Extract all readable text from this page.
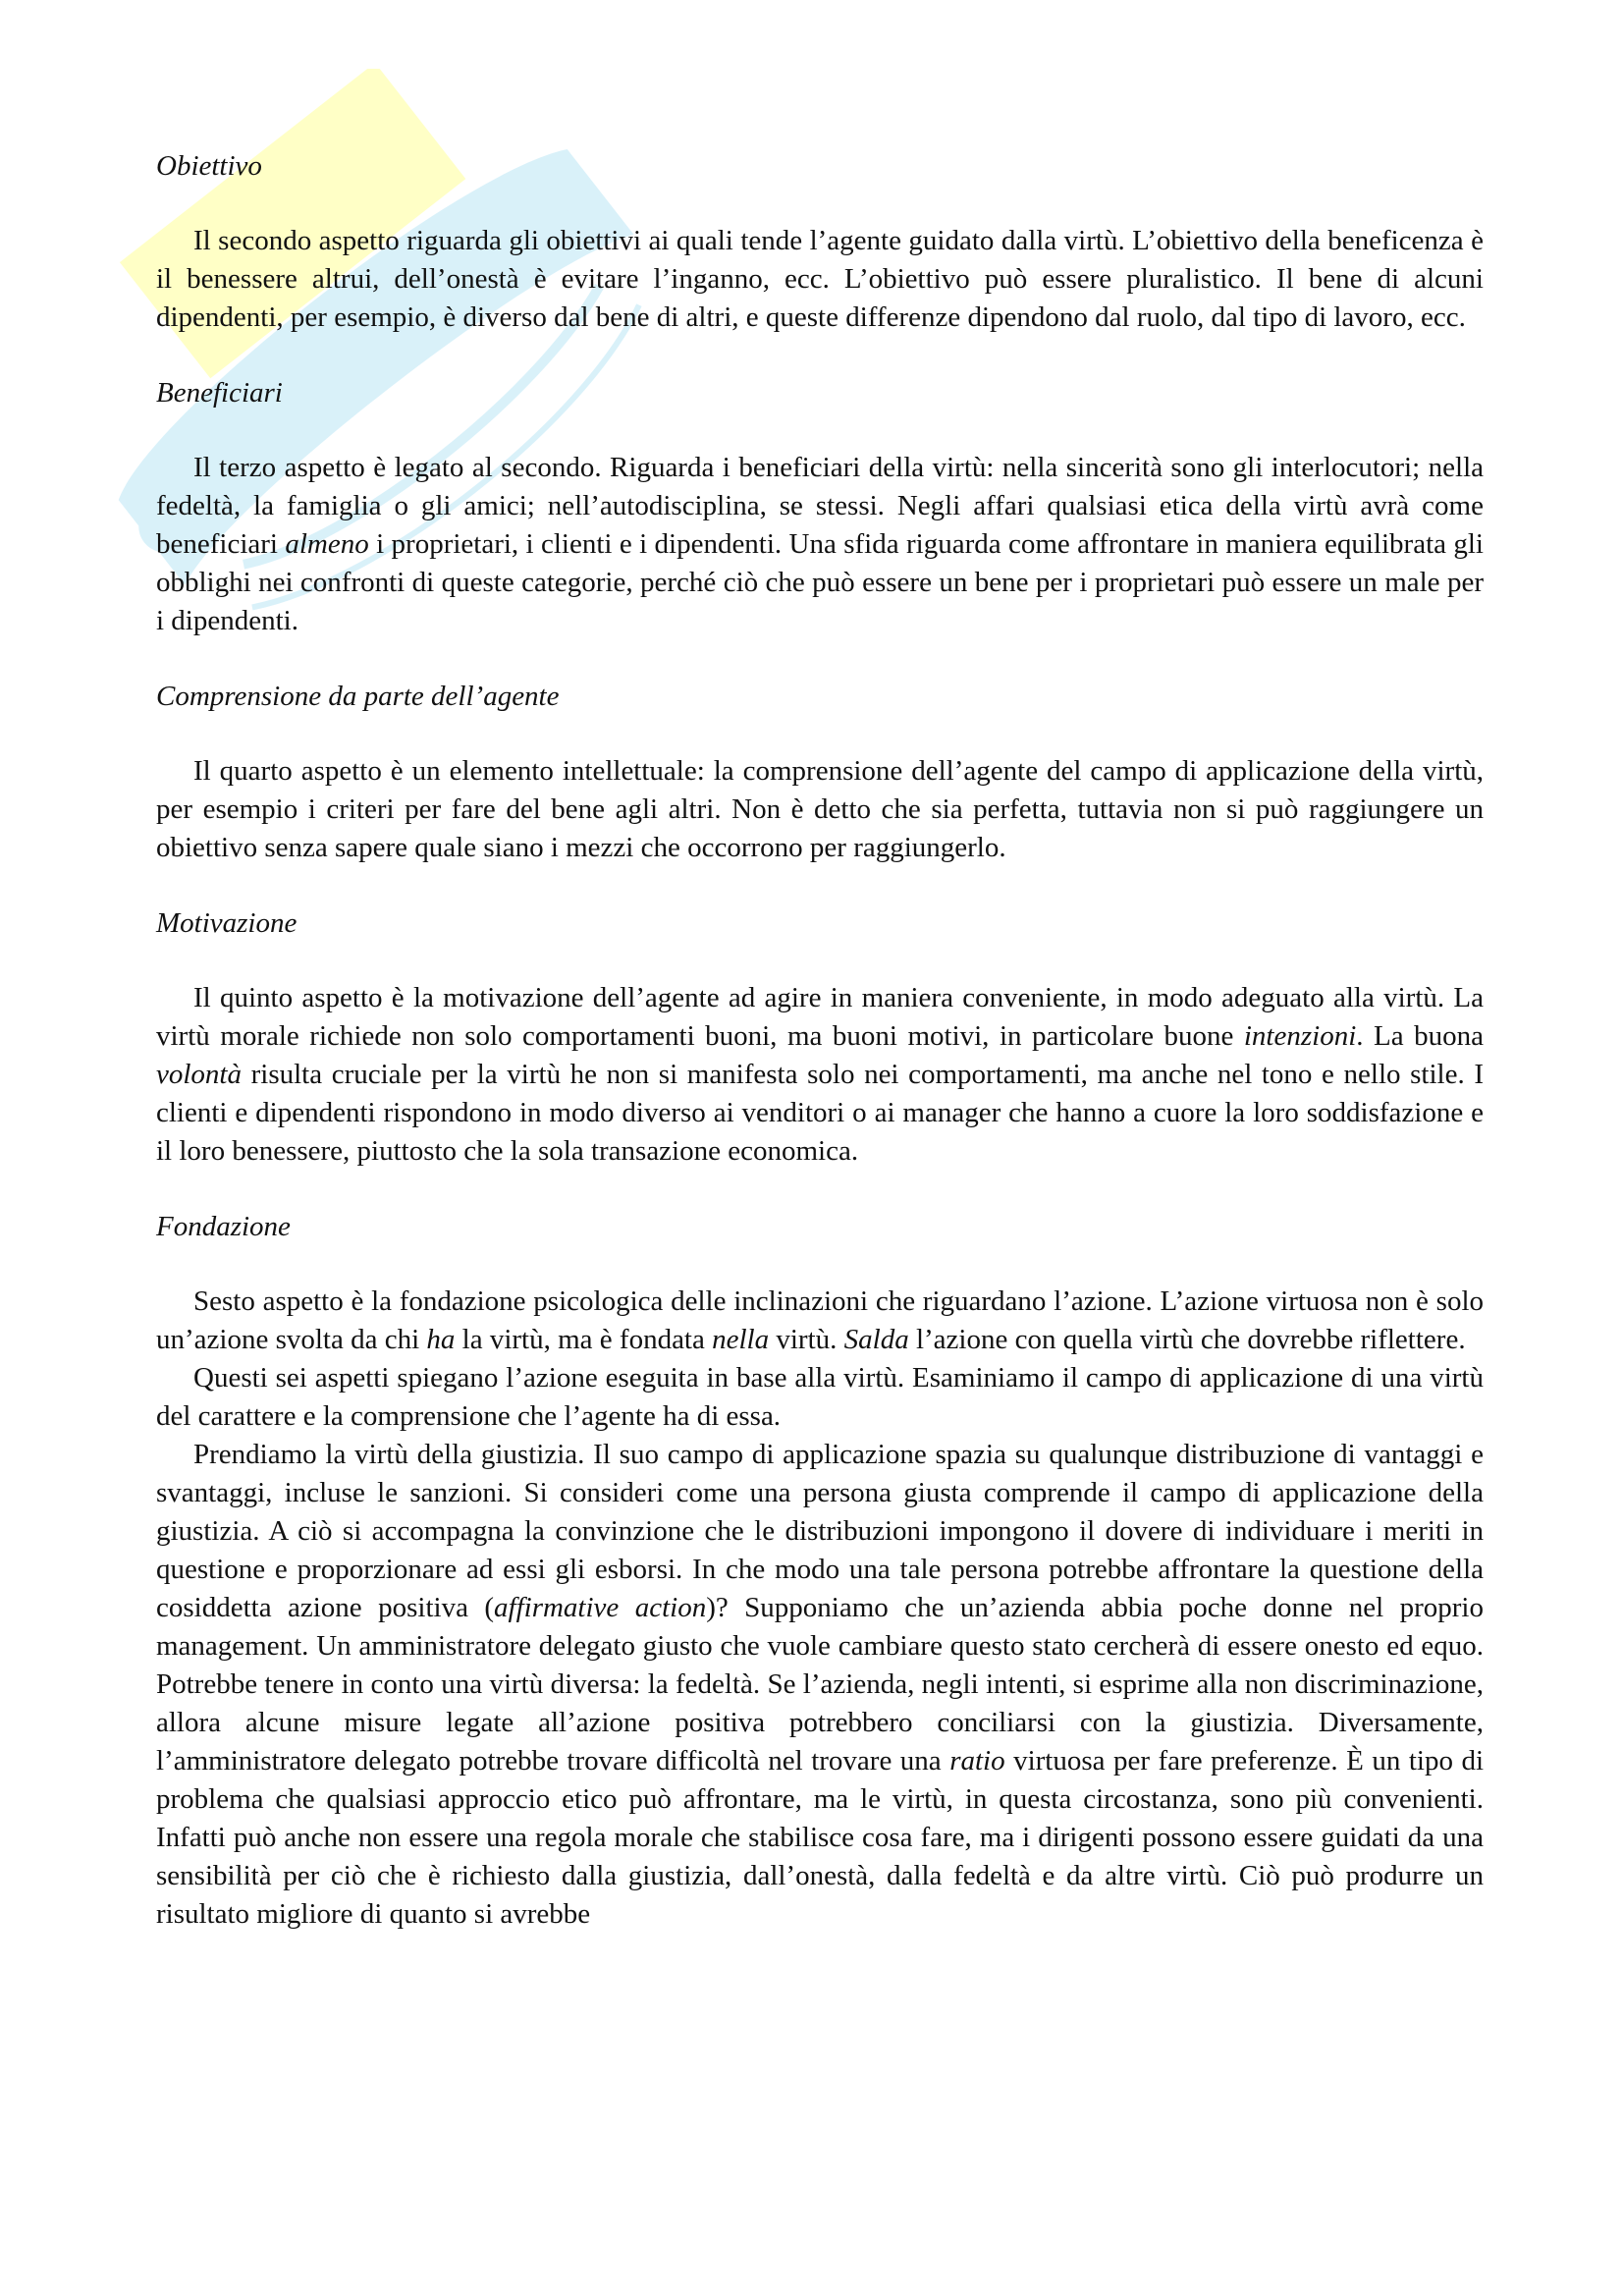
Obiettivo

Il secondo aspetto riguarda gli obiettivi ai quali tende l’agente guidato dalla virtù. L’obiettivo della beneficenza è il benessere altrui, dell’onestà è evitare l’inganno, ecc. L’obiettivo può essere pluralistico. Il bene di alcuni dipendenti, per esempio, è diverso dal bene di altri, e queste differenze dipendono dal ruolo, dal tipo di lavoro, ecc.

Beneficiari

Il terzo aspetto è legato al secondo. Riguarda i beneficiari della virtù: nella sincerità sono gli interlocutori; nella fedeltà, la famiglia o gli amici; nell’autodisciplina, se stessi. Negli affari qualsiasi etica della virtù avrà come beneficiari almeno i proprietari, i clienti e i dipendenti. Una sfida riguarda come affrontare in maniera equilibrata gli obblighi nei confronti di queste categorie, perché ciò che può essere un bene per i proprietari può essere un male per i dipendenti.

Comprensione da parte dell’agente

Il quarto aspetto è un elemento intellettuale: la comprensione dell’agente del campo di applicazione della virtù, per esempio i criteri per fare del bene agli altri. Non è detto che sia perfetta, tuttavia non si può raggiungere un obiettivo senza sapere quale siano i mezzi che occorrono per raggiungerlo.

Motivazione

Il quinto aspetto è la motivazione dell’agente ad agire in maniera conveniente, in modo adeguato alla virtù. La virtù morale richiede non solo comportamenti buoni, ma buoni motivi, in particolare buone intenzioni. La buona volontà risulta cruciale per la virtù he non si manifesta solo nei comportamenti, ma anche nel tono e nello stile. I clienti e dipendenti rispondono in modo diverso ai venditori o ai manager che hanno a cuore la loro soddisfazione e il loro benessere, piuttosto che la sola transazione economica.

Fondazione

Sesto aspetto è la fondazione psicologica delle inclinazioni che riguardano l’azione. L’azione virtuosa non è solo un’azione svolta da chi ha la virtù, ma è fondata nella virtù. Salda l’azione con quella virtù che dovrebbe riflettere.

Questi sei aspetti spiegano l’azione eseguita in base alla virtù. Esaminiamo il campo di applicazione di una virtù del carattere e la comprensione che l’agente ha di essa.

Prendiamo la virtù della giustizia. Il suo campo di applicazione spazia su qualunque distribuzione di vantaggi e svantaggi, incluse le sanzioni. Si consideri come una persona giusta comprende il campo di applicazione della giustizia. A ciò si accompagna la convinzione che le distribuzioni impongono il dovere di individuare i meriti in questione e proporzionare ad essi gli esborsi. In che modo una tale persona potrebbe affrontare la questione della cosiddetta azione positiva (affirmative action)? Supponiamo che un’azienda abbia poche donne nel proprio management. Un amministratore delegato giusto che vuole cambiare questo stato cercherà di essere onesto ed equo. Potrebbe tenere in conto una virtù diversa: la fedeltà. Se l’azienda, negli intenti, si esprime alla non discriminazione, allora alcune misure legate all’azione positiva potrebbero conciliarsi con la giustizia. Diversamente, l’amministratore delegato potrebbe trovare difficoltà nel trovare una ratio virtuosa per fare preferenze. È un tipo di problema che qualsiasi approccio etico può affrontare, ma le virtù, in questa circostanza, sono più convenienti. Infatti può anche non essere una regola morale che stabilisce cosa fare, ma i dirigenti possono essere guidati da una sensibilità per ciò che è richiesto dalla giustizia, dall’onestà, dalla fedeltà e da altre virtù. Ciò può produrre un risultato migliore di quanto si avrebbe
